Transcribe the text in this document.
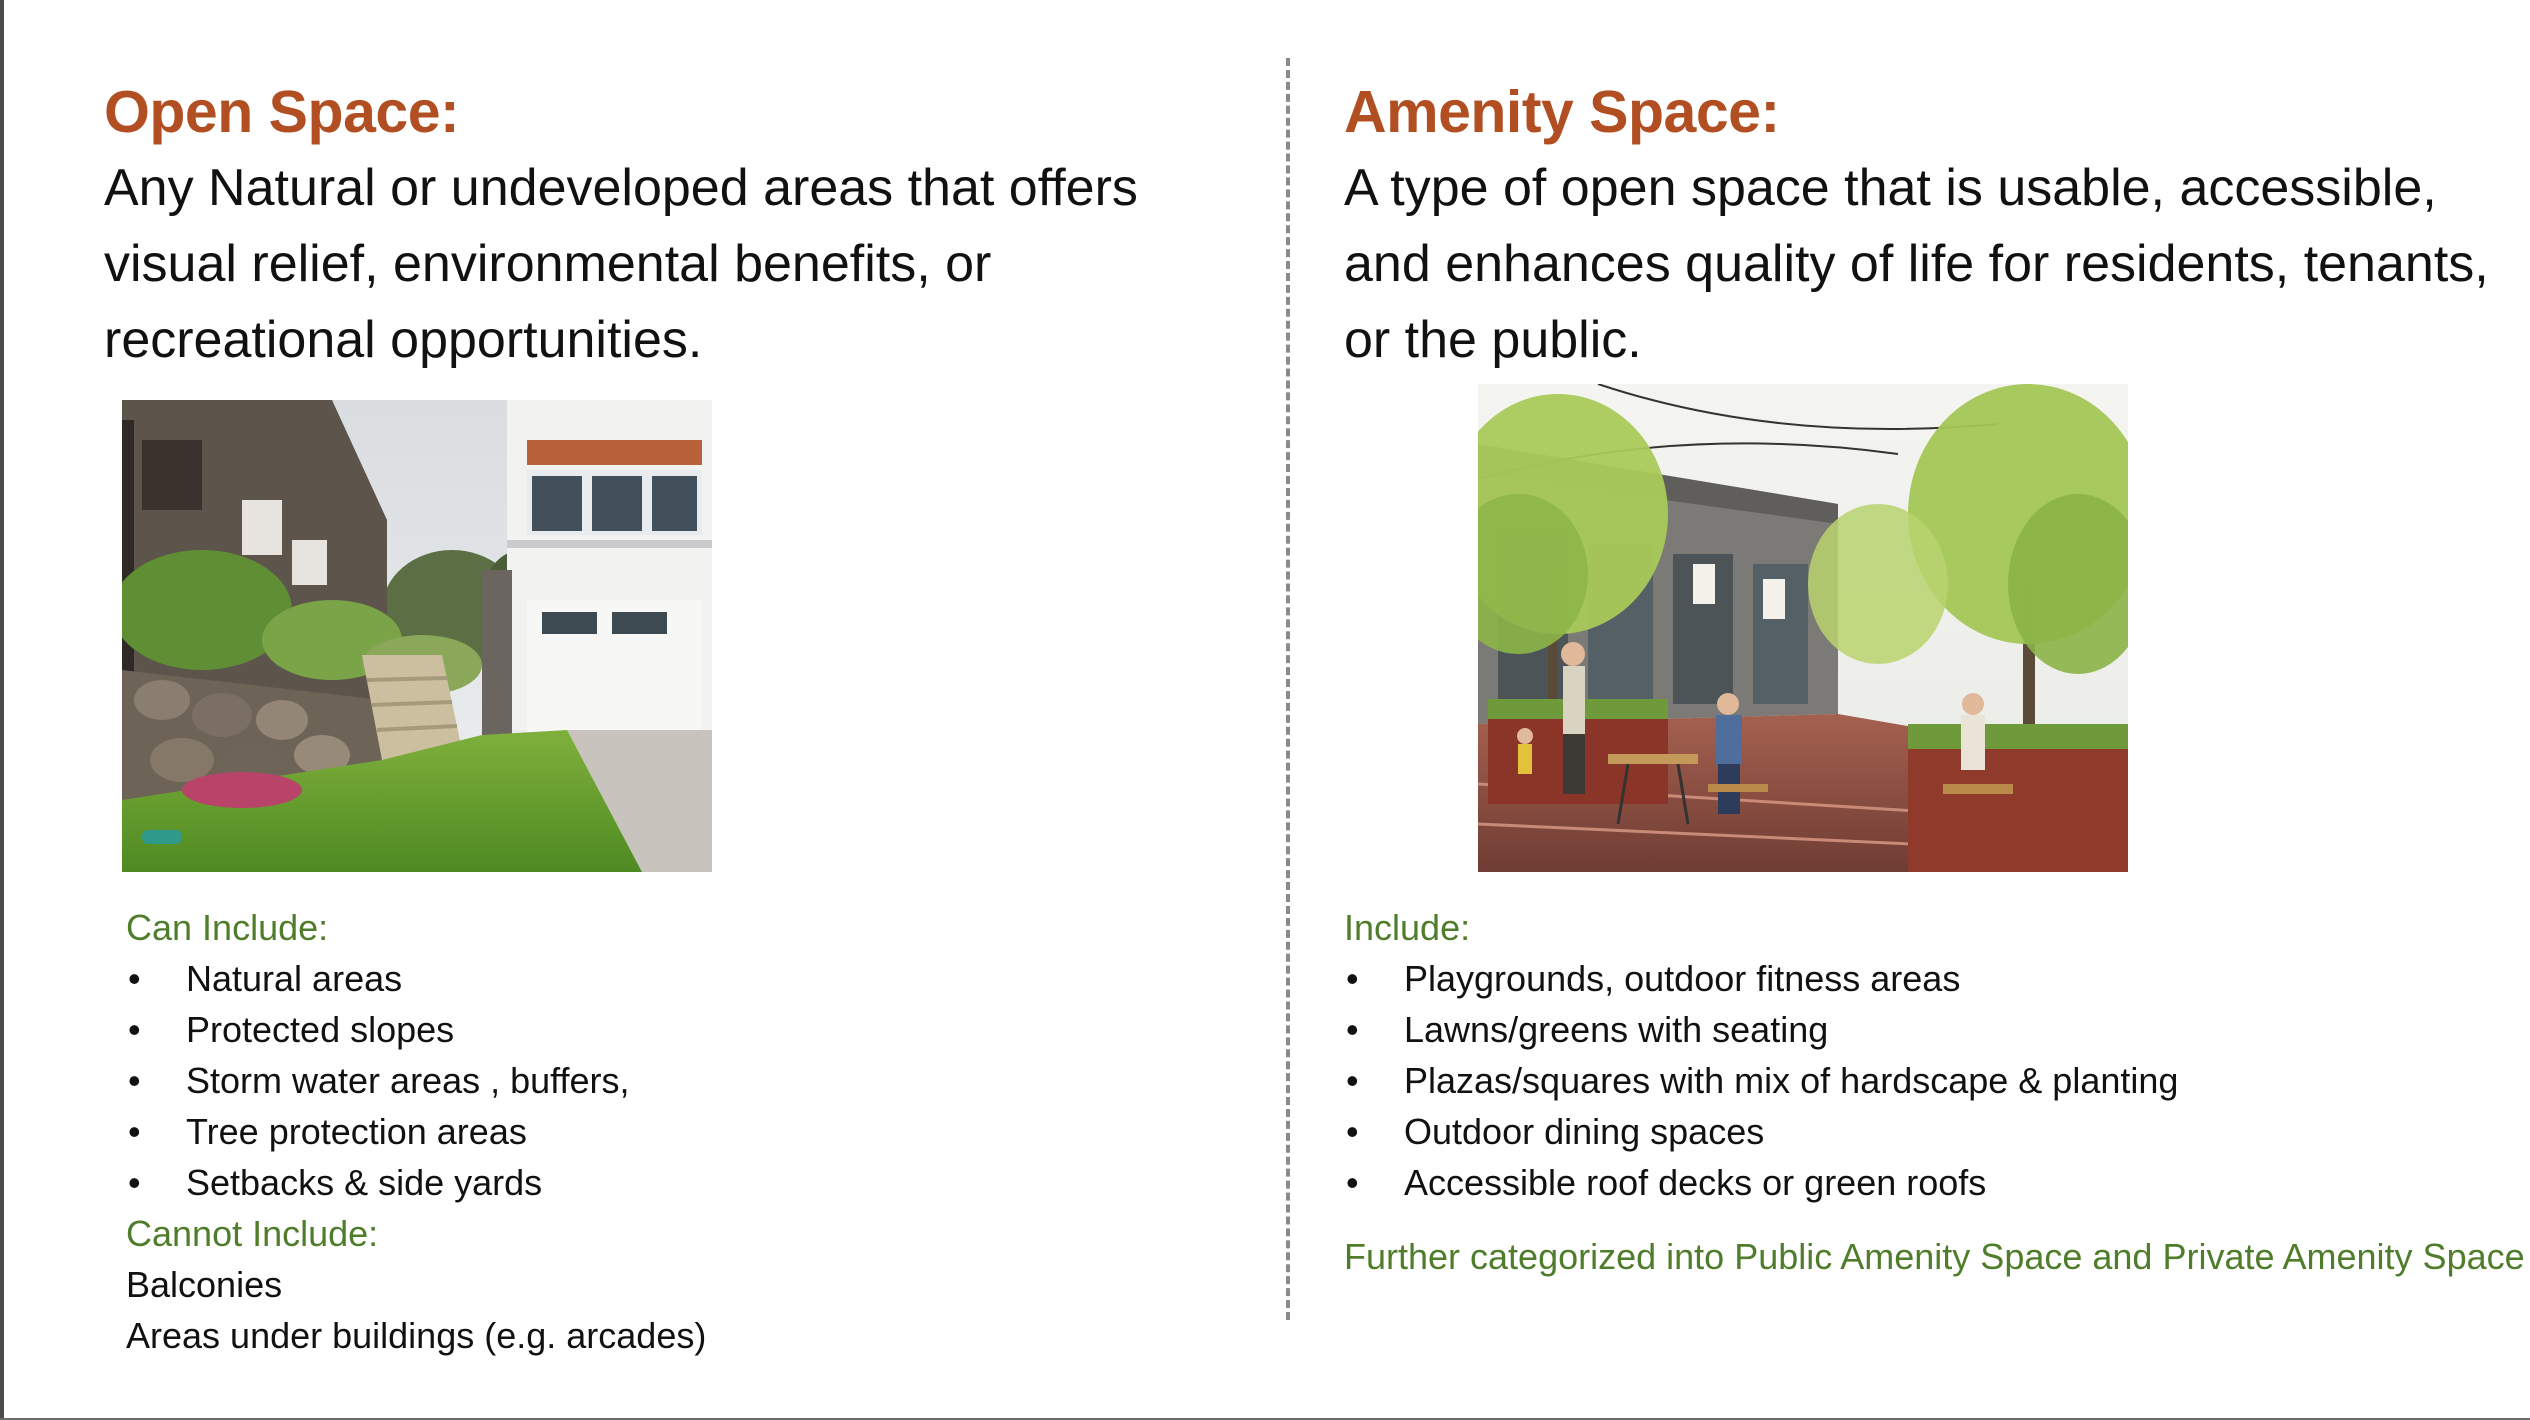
Open Space:

Any Natural or undeveloped areas that offers visual relief, environmental benefits, or recreational opportunities.

Can Include:
• Natural areas
• Protected slopes
• Storm water areas , buffers,
• Tree protection areas
• Setbacks & side yards
Cannot Include:
Balconies
Areas under buildings (e.g. arcades)
Amenity Space:

A type of open space that is usable, accessible, and enhances quality of life for residents, tenants, or the public.

Include:
• Playgrounds, outdoor fitness areas
• Lawns/greens with seating
• Plazas/squares with mix of hardscape & planting
• Outdoor dining spaces
• Accessible roof decks or green roofs
Further categorized into Public Amenity Space and Private Amenity Space
